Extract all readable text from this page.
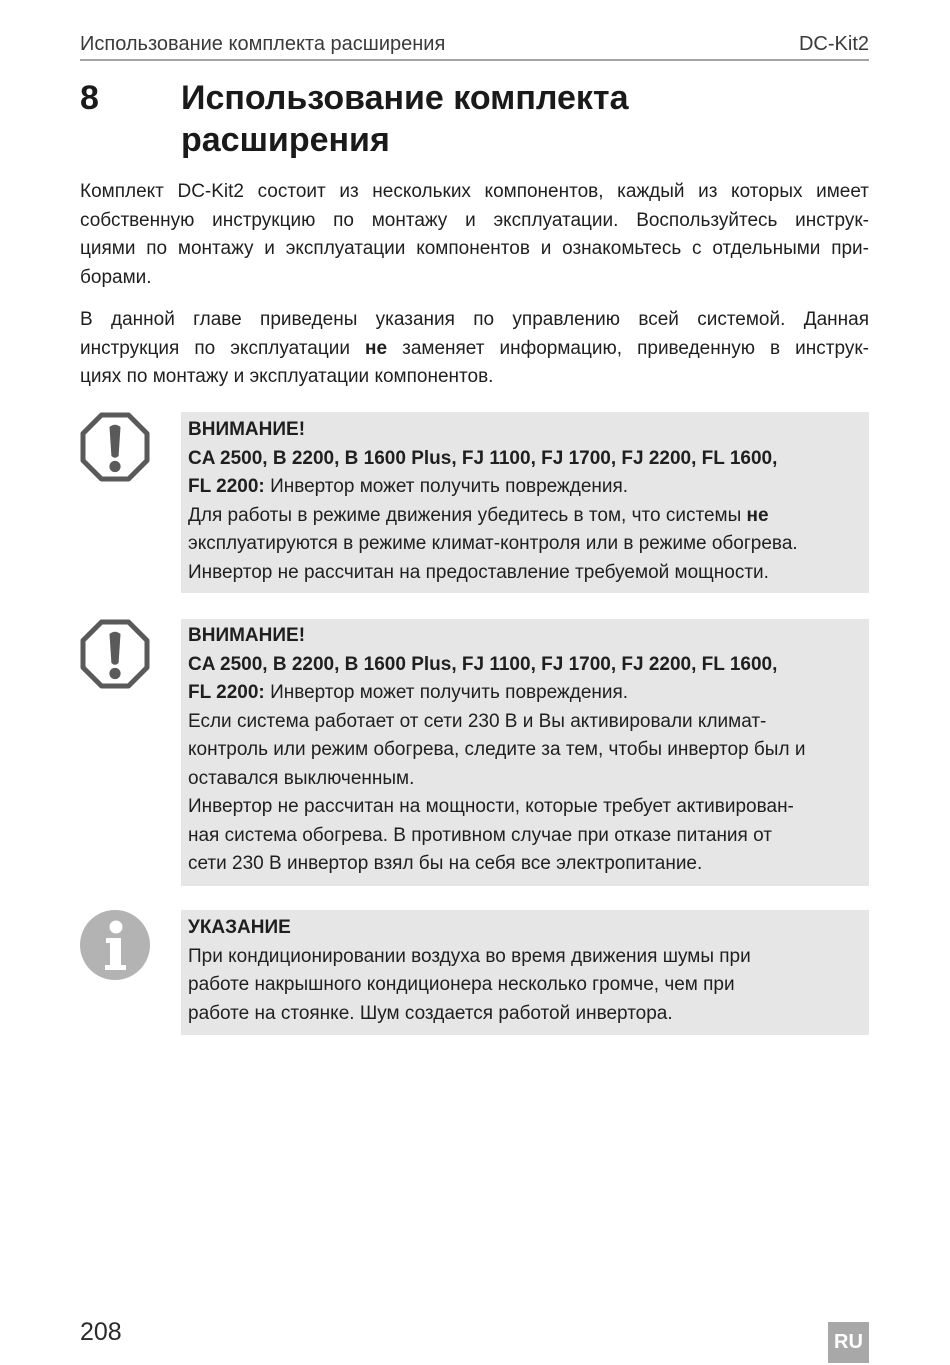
Использование комплекта расширения	DC-Kit2
8 Использование комплекта
расширения
Комплект DC-Kit2 состоит из нескольких компонентов, каждый из которых имеет
собственную инструкцию по монтажу и эксплуатации. Воспользуйтесь инструк-
циями по монтажу и эксплуатации компонентов и ознакомьтесь с отдельными при-
борами.
В данной главе приведены указания по управлению всей системой. Данная
инструкция по эксплуатации не заменяет информацию, приведенную в инструк-
циях по монтажу и эксплуатации компонентов.
ВНИМАНИЕ!
CA 2500, B 2200, B 1600 Plus, FJ 1100, FJ 1700, FJ 2200, FL 1600,
FL 2200: Инвертор может получить повреждения.
Для работы в режиме движения убедитесь в том, что системы не
эксплуатируются в режиме климат-контроля или в режиме обогрева.
Инвертор не рассчитан на предоставление требуемой мощности.
ВНИМАНИЕ!
CA 2500, B 2200, B 1600 Plus, FJ 1100, FJ 1700, FJ 2200, FL 1600,
FL 2200: Инвертор может получить повреждения.
Если система работает от сети 230 В и Вы активировали климат-
контроль или режим обогрева, следите за тем, чтобы инвертор был и
оставался выключенным.
Инвертор не рассчитан на мощности, которые требует активирован-
ная система обогрева. В противном случае при отказе питания от
сети 230 В инвертор взял бы на себя все электропитание.
УКАЗАНИЕ
При кондиционировании воздуха во время движения шумы при
работе накрышного кондиционера несколько громче, чем при
работе на стоянке. Шум создается работой инвертора.
208	RU
